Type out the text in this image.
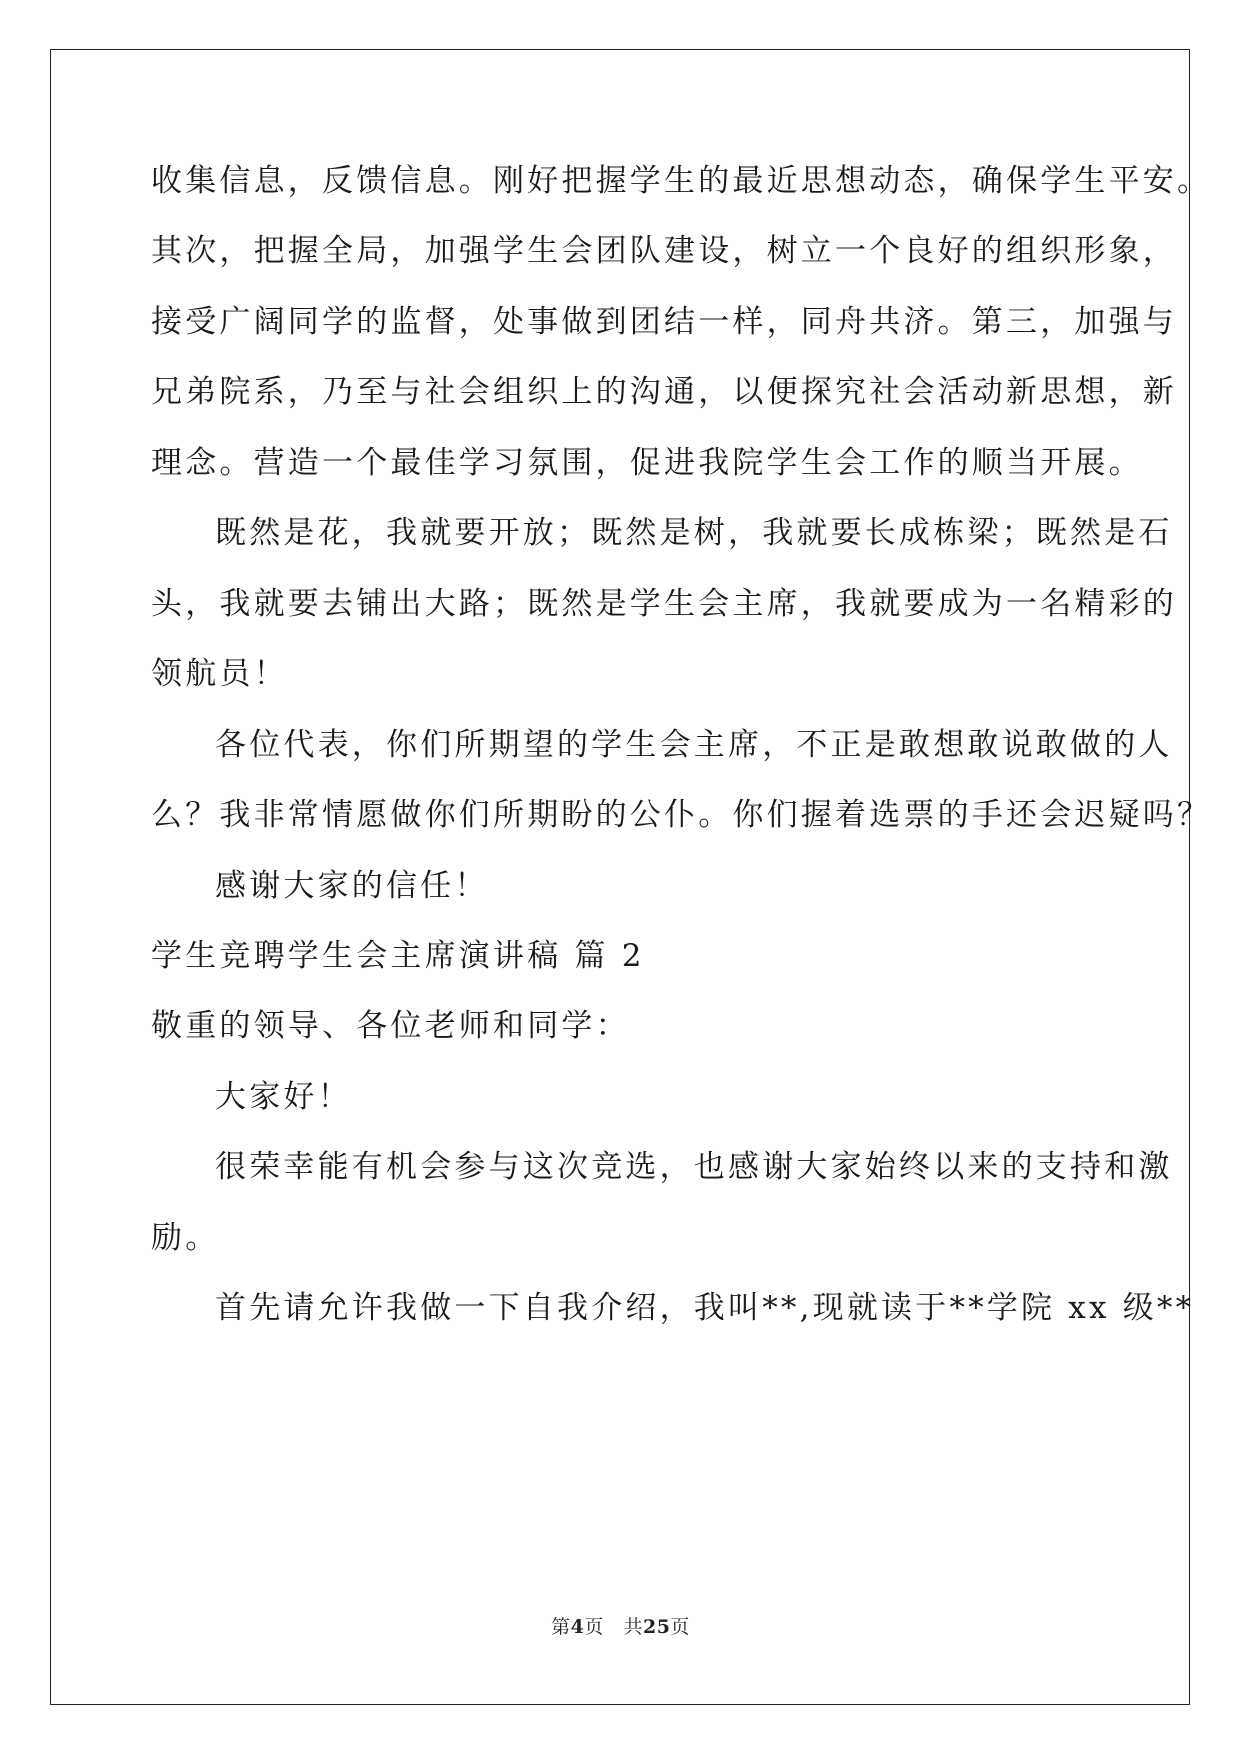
收集信息，反馈信息。刚好把握学生的最近思想动态，确保学生平安。
其次，把握全局，加强学生会团队建设，树立一个良好的组织形象，
接受广阔同学的监督，处事做到团结一样，同舟共济。第三，加强与
兄弟院系，乃至与社会组织上的沟通，以便探究社会活动新思想，新
理念。营造一个最佳学习氛围，促进我院学生会工作的顺当开展。
既然是花，我就要开放；既然是树，我就要长成栋梁；既然是石
头，我就要去铺出大路；既然是学生会主席，我就要成为一名精彩的
领航员！
各位代表，你们所期望的学生会主席，不正是敢想敢说敢做的人
么？我非常情愿做你们所期盼的公仆。你们握着选票的手还会迟疑吗？
感谢大家的信任！
学生竞聘学生会主席演讲稿 篇 2
敬重的领导、各位老师和同学：
大家好！
很荣幸能有机会参与这次竞选，也感谢大家始终以来的支持和激
励。
首先请允许我做一下自我介绍，我叫**,现就读于**学院 xx 级**
第4页 共25页
